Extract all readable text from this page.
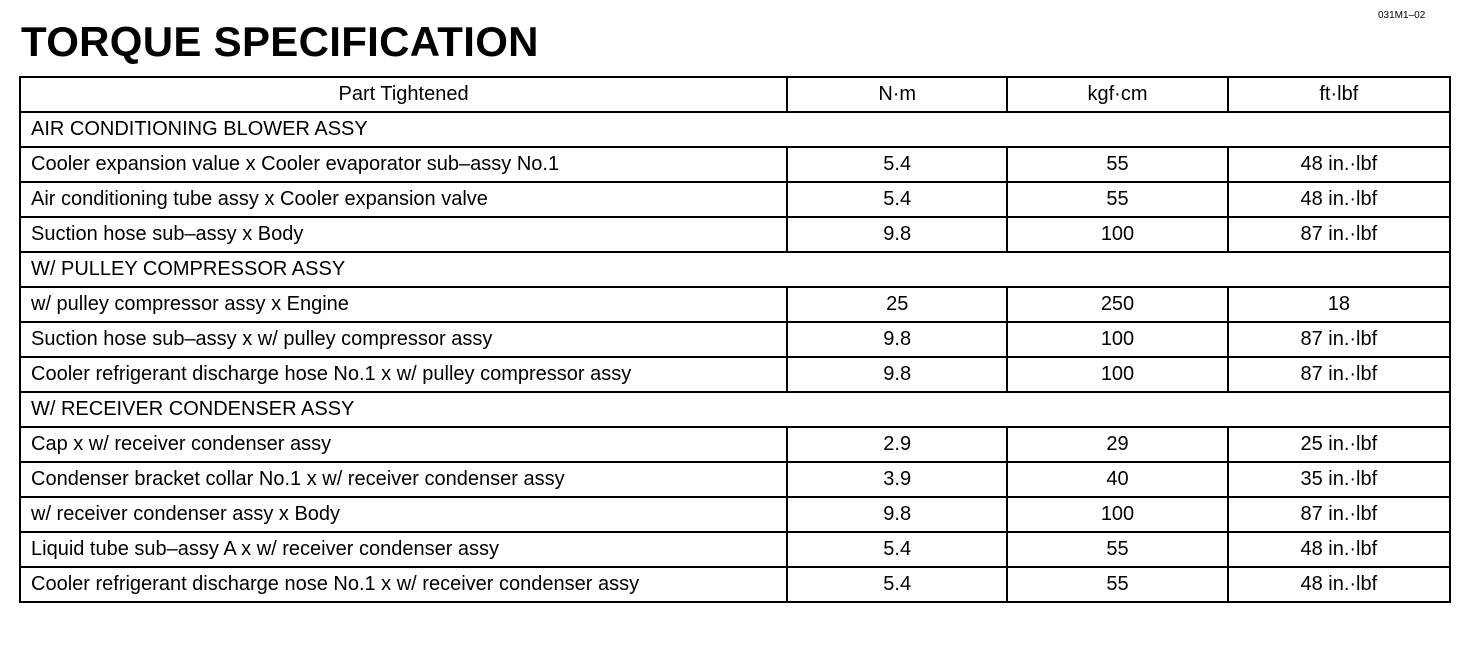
031M1–02
TORQUE SPECIFICATION
Part Tightened	N·m	kgf·cm	ft·lbf
AIR CONDITIONING BLOWER ASSY			
Cooler expansion value x Cooler evaporator sub–assy No.1	5.4	55	48 in.·lbf
Air conditioning tube assy x Cooler expansion valve	5.4	55	48 in.·lbf
Suction hose sub–assy x Body	9.8	100	87 in.·lbf
W/ PULLEY COMPRESSOR ASSY			
w/ pulley compressor assy x Engine	25	250	18
Suction hose sub–assy x w/ pulley compressor assy	9.8	100	87 in.·lbf
Cooler refrigerant discharge hose No.1 x w/ pulley compressor assy	9.8	100	87 in.·lbf
W/ RECEIVER CONDENSER ASSY			
Cap x w/ receiver condenser assy	2.9	29	25 in.·lbf
Condenser bracket collar No.1 x w/ receiver condenser assy	3.9	40	35 in.·lbf
w/ receiver condenser assy x Body	9.8	100	87 in.·lbf
Liquid tube sub–assy A x w/ receiver condenser assy	5.4	55	48 in.·lbf
Cooler refrigerant discharge nose No.1 x w/ receiver condenser assy	5.4	55	48 in.·lbf
